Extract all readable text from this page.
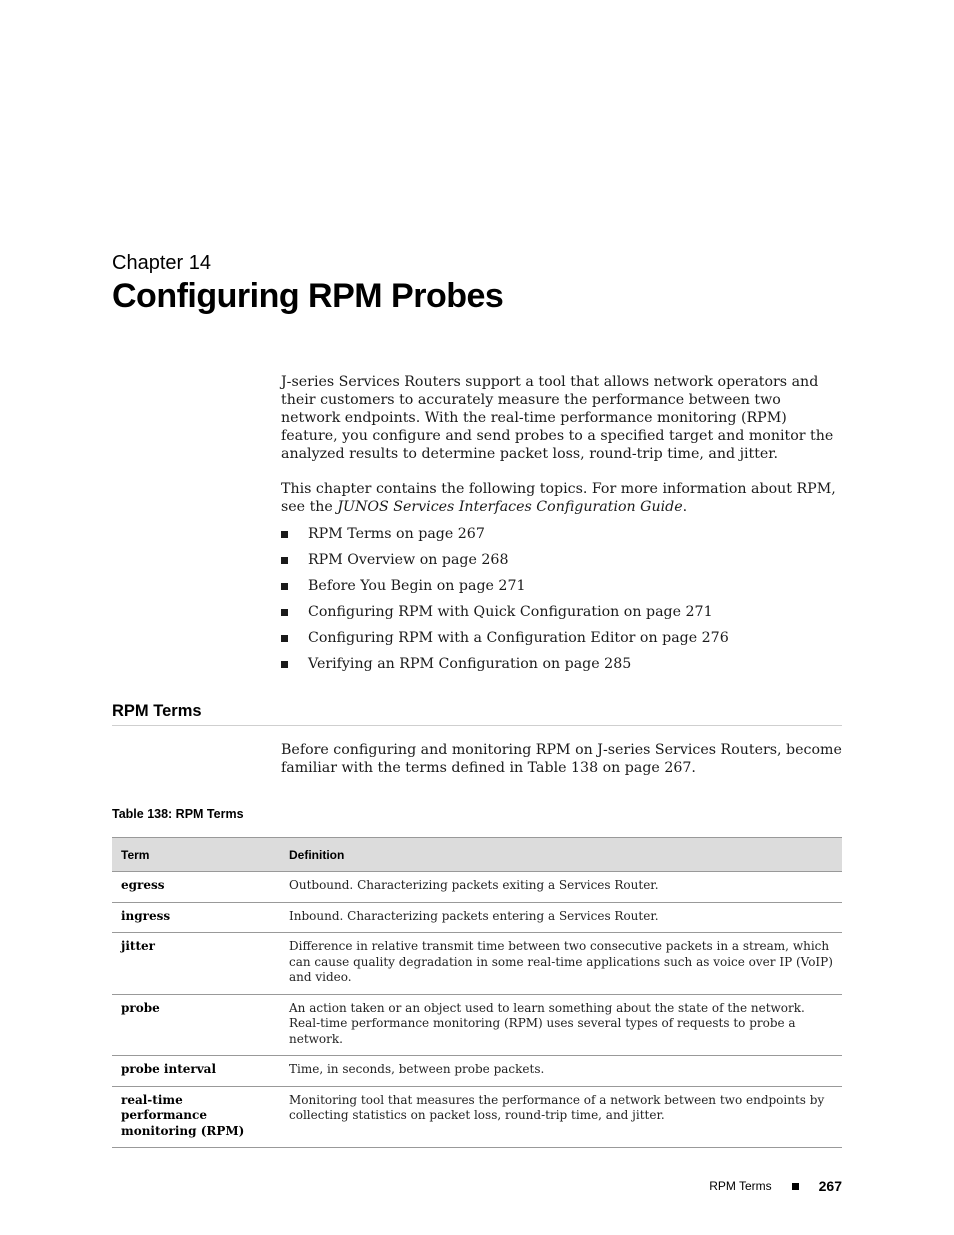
Chapter 14
Configuring RPM Probes

J-series Services Routers support a tool that allows network operators and their customers to accurately measure the performance between two network endpoints. With the real-time performance monitoring (RPM) feature, you configure and send probes to a specified target and monitor the analyzed results to determine packet loss, round-trip time, and jitter.

This chapter contains the following topics. For more information about RPM, see the JUNOS Services Interfaces Configuration Guide.

RPM Terms on page 267
RPM Overview on page 268
Before You Begin on page 271
Configuring RPM with Quick Configuration on page 271
Configuring RPM with a Configuration Editor on page 276
Verifying an RPM Configuration on page 285
RPM Terms

Before configuring and monitoring RPM on J-series Services Routers, become familiar with the terms defined in Table 138 on page 267.

Table 138: RPM Terms
Term	Definition
egress	Outbound. Characterizing packets exiting a Services Router.
ingress	Inbound. Characterizing packets entering a Services Router.
jitter	Difference in relative transmit time between two consecutive packets in a stream, which can cause quality degradation in some real-time applications such as voice over IP (VoIP) and video.
probe	An action taken or an object used to learn something about the state of the network. Real-time performance monitoring (RPM) uses several types of requests to probe a network.
probe interval	Time, in seconds, between probe packets.
real-time performance monitoring (RPM)	Monitoring tool that measures the performance of a network between two endpoints by collecting statistics on packet loss, round-trip time, and jitter.
RPM Terms	267
